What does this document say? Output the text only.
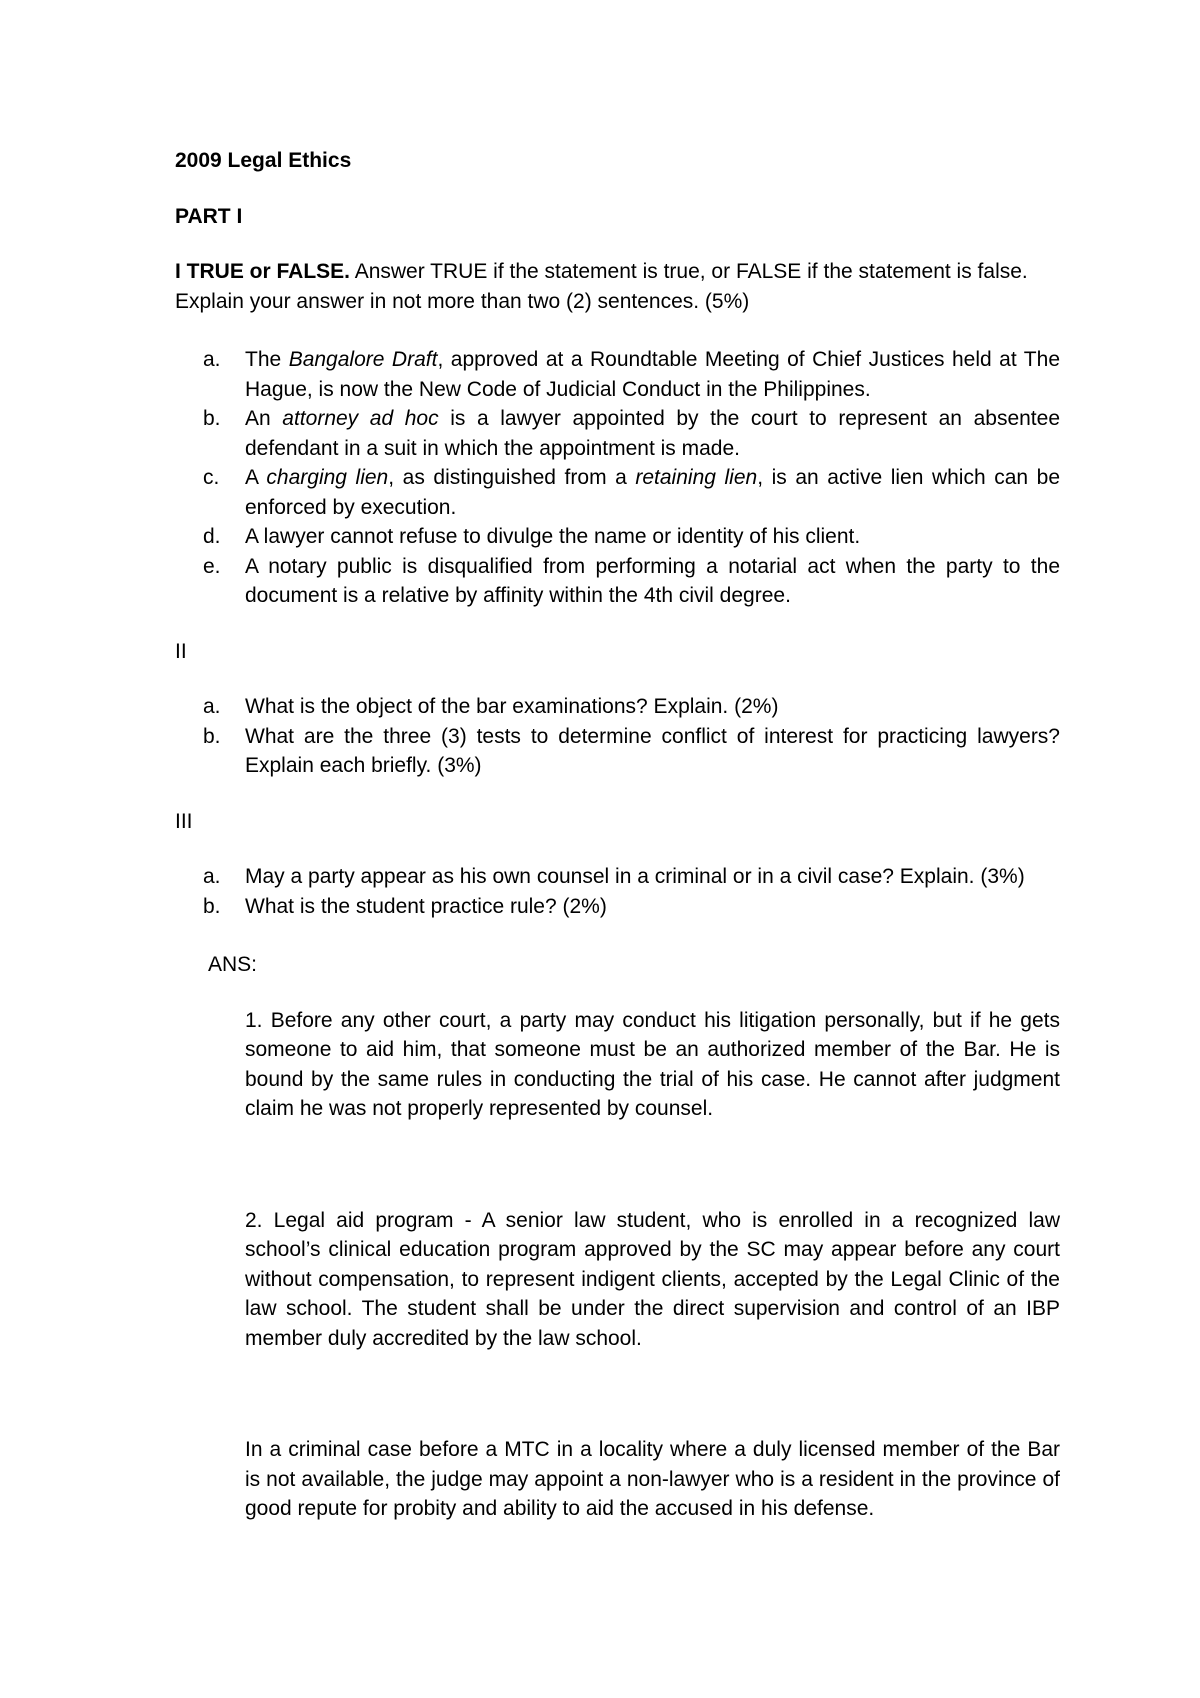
2009 Legal Ethics
PART I
I TRUE or FALSE. Answer TRUE if the statement is true, or FALSE if the statement is false. Explain your answer in not more than two (2) sentences. (5%)
a. The Bangalore Draft, approved at a Roundtable Meeting of Chief Justices held at The Hague, is now the New Code of Judicial Conduct in the Philippines.
b. An attorney ad hoc is a lawyer appointed by the court to represent an absentee defendant in a suit in which the appointment is made.
c. A charging lien, as distinguished from a retaining lien, is an active lien which can be enforced by execution.
d. A lawyer cannot refuse to divulge the name or identity of his client.
e. A notary public is disqualified from performing a notarial act when the party to the document is a relative by affinity within the 4th civil degree.
II
a. What is the object of the bar examinations? Explain. (2%)
b. What are the three (3) tests to determine conflict of interest for practicing lawyers? Explain each briefly. (3%)
III
a. May a party appear as his own counsel in a criminal or in a civil case? Explain. (3%)
b. What is the student practice rule? (2%)
ANS:
1. Before any other court, a party may conduct his litigation personally, but if he gets someone to aid him, that someone must be an authorized member of the Bar. He is bound by the same rules in conducting the trial of his case. He cannot after judgment claim he was not properly represented by counsel.
2. Legal aid program - A senior law student, who is enrolled in a recognized law school’s clinical education program approved by the SC may appear before any court without compensation, to represent indigent clients, accepted by the Legal Clinic of the law school. The student shall be under the direct supervision and control of an IBP member duly accredited by the law school.
In a criminal case before a MTC in a locality where a duly licensed member of the Bar is not available, the judge may appoint a non-lawyer who is a resident in the province of good repute for probity and ability to aid the accused in his defense.
